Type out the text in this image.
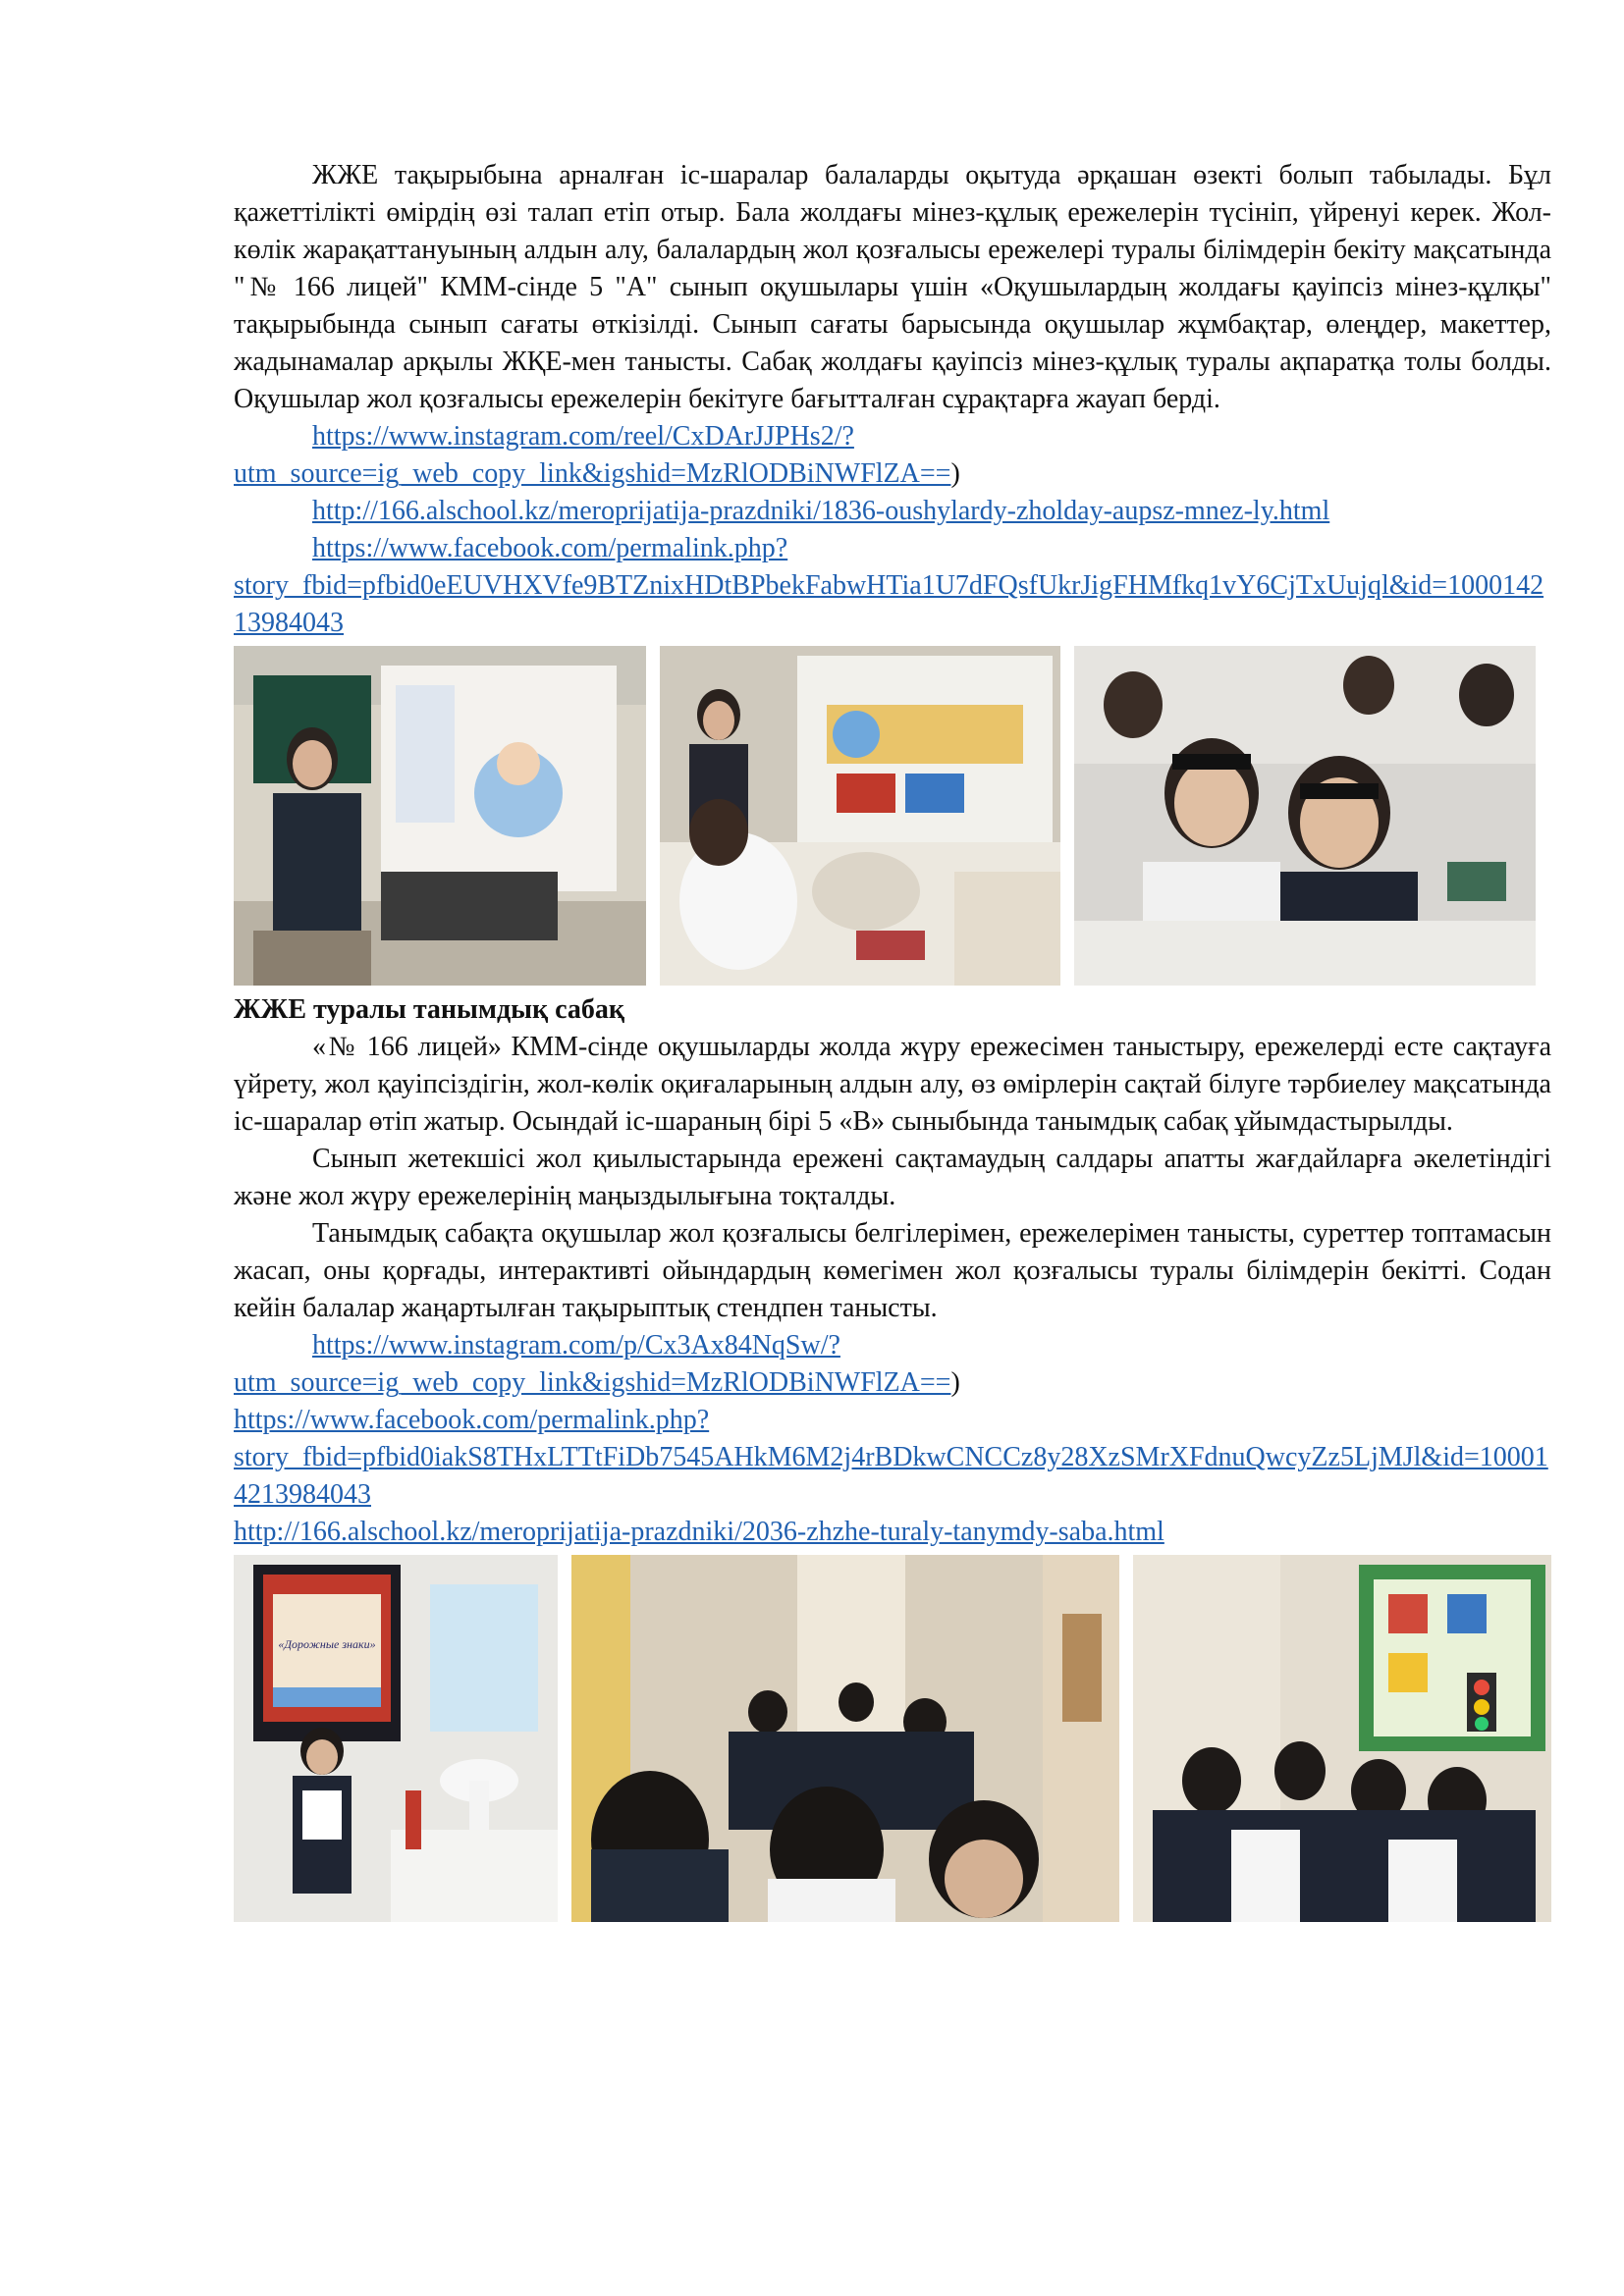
ЖЖЕ тақырыбына арналған іс-шаралар балаларды оқытуда әрқашан өзекті болып табылады. Бұл қажеттілікті өмірдің өзі талап етіп отыр. Бала жолдағы мінез-құлық ережелерін түсініп, үйренуі керек. Жол-көлік жарақаттануының алдын алу, балалардың жол қозғалысы ережелері туралы білімдерін бекіту мақсатында "№ 166 лицей" КММ-сінде 5 "А" сынып оқушылары үшін «Оқушылардың жолдағы қауіпсіз мінез-құлқы" тақырыбында сынып сағаты өткізілді. Сынып сағаты барысында оқушылар жұмбақтар, өлеңдер, макеттер, жадынамалар арқылы ЖҚЕ-мен танысты. Сабақ жолдағы қауіпсіз мінез-құлық туралы ақпаратқа толы болды. Оқушылар жол қозғалысы ережелерін бекітуге бағытталған сұрақтарға жауап берді.

https://www.instagram.com/reel/CxDArJJPHs2/?
utm_source=ig_web_copy_link&igshid=MzRlODBiNWFlZA==)
http://166.alschool.kz/meroprijatija-prazdniki/1836-oushylardy-zholday-aupsz-mnez-ly.html
https://www.facebook.com/permalink.php?
story_fbid=pfbid0eEUVHXVfe9BTZnixHDtBPbekFabwHTia1U7dFQsfUkrJigFHMfkq1vY6CjTxUujql&id=100014213984043
ЖЖЕ туралы танымдық сабақ

«№ 166 лицей» КММ-сінде оқушыларды жолда жүру ережесімен таныстыру, ережелерді есте сақтауға үйрету, жол қауіпсіздігін, жол-көлік оқиғаларының алдын алу, өз өмірлерін сақтай білуге тәрбиелеу мақсатында іс-шаралар өтіп жатыр. Осындай іс-шараның бірі 5 «В» сыныбында танымдық сабақ ұйымдастырылды.

Сынып жетекшісі жол қиылыстарында ережені сақтамаудың салдары апатты жағдайларға әкелетіндігі және жол жүру ережелерінің маңыздылығына тоқталды.

Танымдық сабақта оқушылар жол қозғалысы белгілерімен, ережелерімен танысты, суреттер топтамасын жасап, оны қорғады, интерактивті ойындардың көмегімен жол қозғалысы туралы білімдерін бекітті. Содан кейін балалар жаңартылған тақырыптық стендпен танысты.

https://www.instagram.com/p/Cx3Ax84NqSw/?
utm_source=ig_web_copy_link&igshid=MzRlODBiNWFlZA==)
https://www.facebook.com/permalink.php?
story_fbid=pfbid0iakS8THxLTTtFiDb7545AHkM6M2j4rBDkwCNCCz8y28XzSMrXFdnuQwcyZz5LjMJl&id=100014213984043
http://166.alschool.kz/meroprijatija-prazdniki/2036-zhzhe-turaly-tanymdy-saba.html
«Дорожные знаки»
